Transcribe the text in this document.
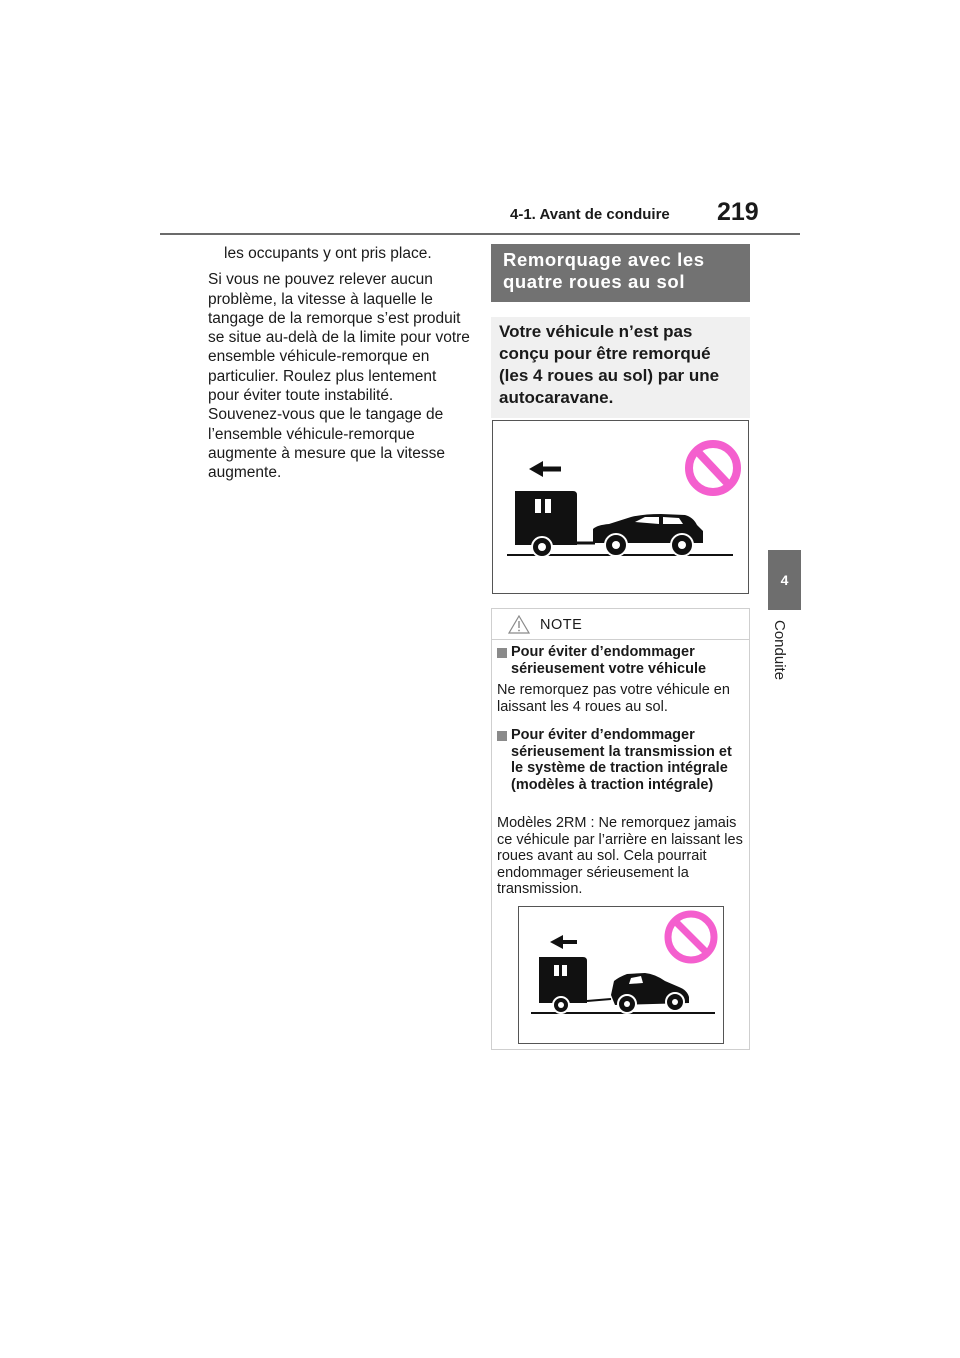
4-1. Avant de conduire 219
4
Conduite

les occupants y ont pris place.

Si vous ne pouvez relever aucun problème, la vitesse à laquelle le tangage de la remorque s’est produit se situe au-delà de la limite pour votre ensemble véhicule-remorque en particulier. Roulez plus lentement pour éviter toute instabilité. Souvenez-vous que le tangage de l’ensemble véhicule-remorque augmente à mesure que la vitesse augmente.

Remorquage avec les quatre roues au sol
Votre véhicule n’est pas conçu pour être remorqué (les 4 roues au sol) par une autocaravane.
NOTE
Pour éviter d’endommager sérieusement votre véhicule
Ne remorquez pas votre véhicule en laissant les 4 roues au sol.
Pour éviter d’endommager sérieusement la transmission et le système de traction intégrale (modèles à traction intégrale)
Modèles 2RM : Ne remorquez jamais ce véhicule par l’arrière en laissant les roues avant au sol. Cela pourrait endommager sérieusement la transmission.
